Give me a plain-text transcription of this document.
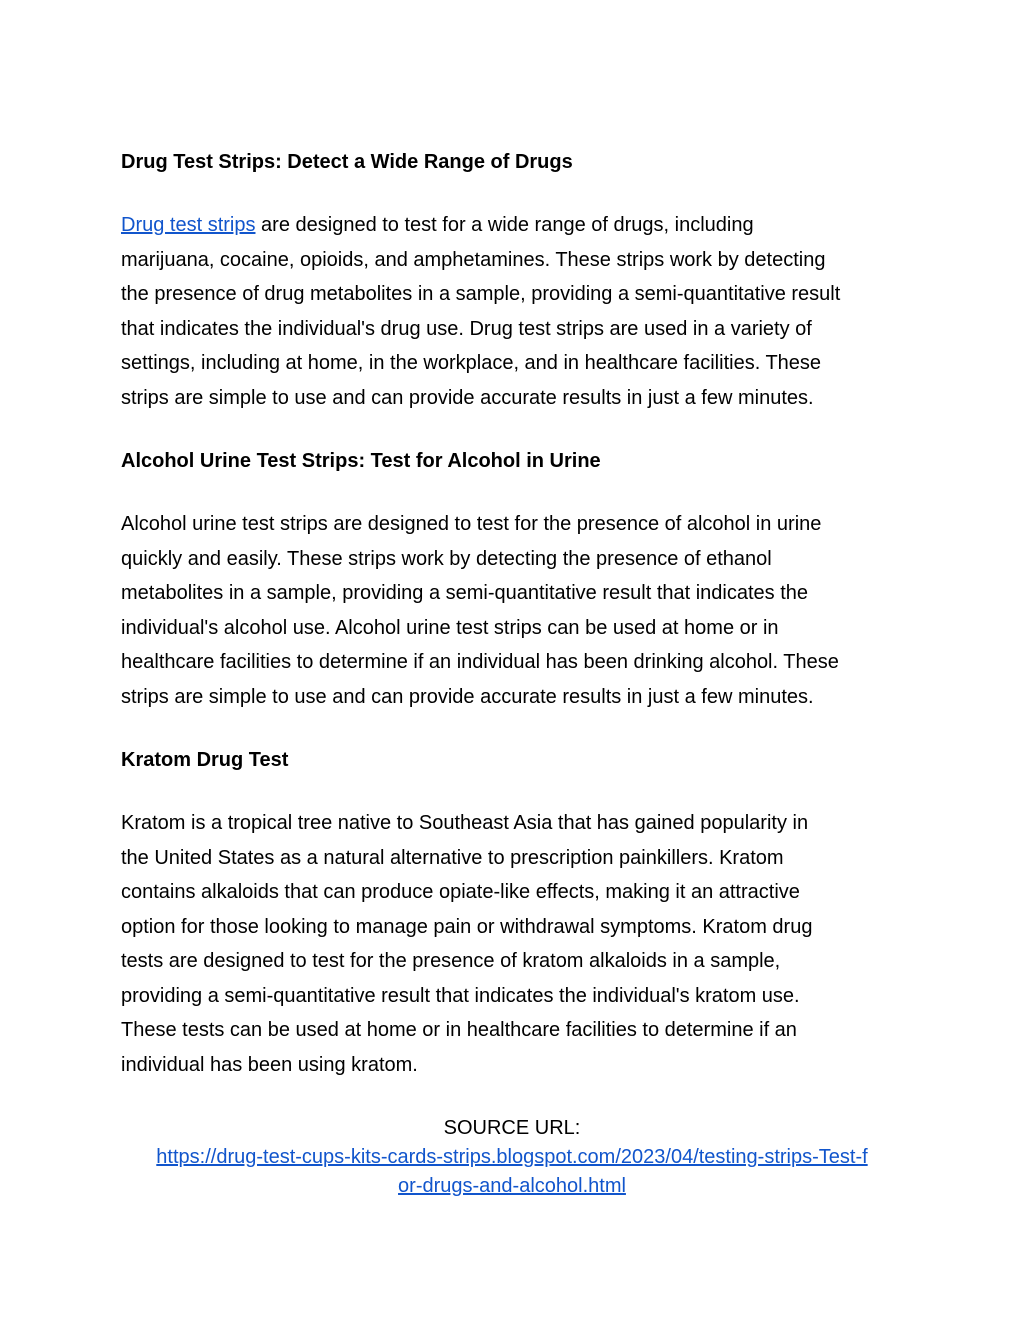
Drug Test Strips: Detect a Wide Range of Drugs
Drug test strips are designed to test for a wide range of drugs, including
marijuana, cocaine, opioids, and amphetamines. These strips work by detecting
the presence of drug metabolites in a sample, providing a semi-quantitative result
that indicates the individual's drug use. Drug test strips are used in a variety of
settings, including at home, in the workplace, and in healthcare facilities. These
strips are simple to use and can provide accurate results in just a few minutes.
Alcohol Urine Test Strips: Test for Alcohol in Urine
Alcohol urine test strips are designed to test for the presence of alcohol in urine
quickly and easily. These strips work by detecting the presence of ethanol
metabolites in a sample, providing a semi-quantitative result that indicates the
individual's alcohol use. Alcohol urine test strips can be used at home or in
healthcare facilities to determine if an individual has been drinking alcohol. These
strips are simple to use and can provide accurate results in just a few minutes.
Kratom Drug Test
Kratom is a tropical tree native to Southeast Asia that has gained popularity in
the United States as a natural alternative to prescription painkillers. Kratom
contains alkaloids that can produce opiate-like effects, making it an attractive
option for those looking to manage pain or withdrawal symptoms. Kratom drug
tests are designed to test for the presence of kratom alkaloids in a sample,
providing a semi-quantitative result that indicates the individual's kratom use.
These tests can be used at home or in healthcare facilities to determine if an
individual has been using kratom.
SOURCE URL:
https://drug-test-cups-kits-cards-strips.blogspot.com/2023/04/testing-strips-Test-f
or-drugs-and-alcohol.html
